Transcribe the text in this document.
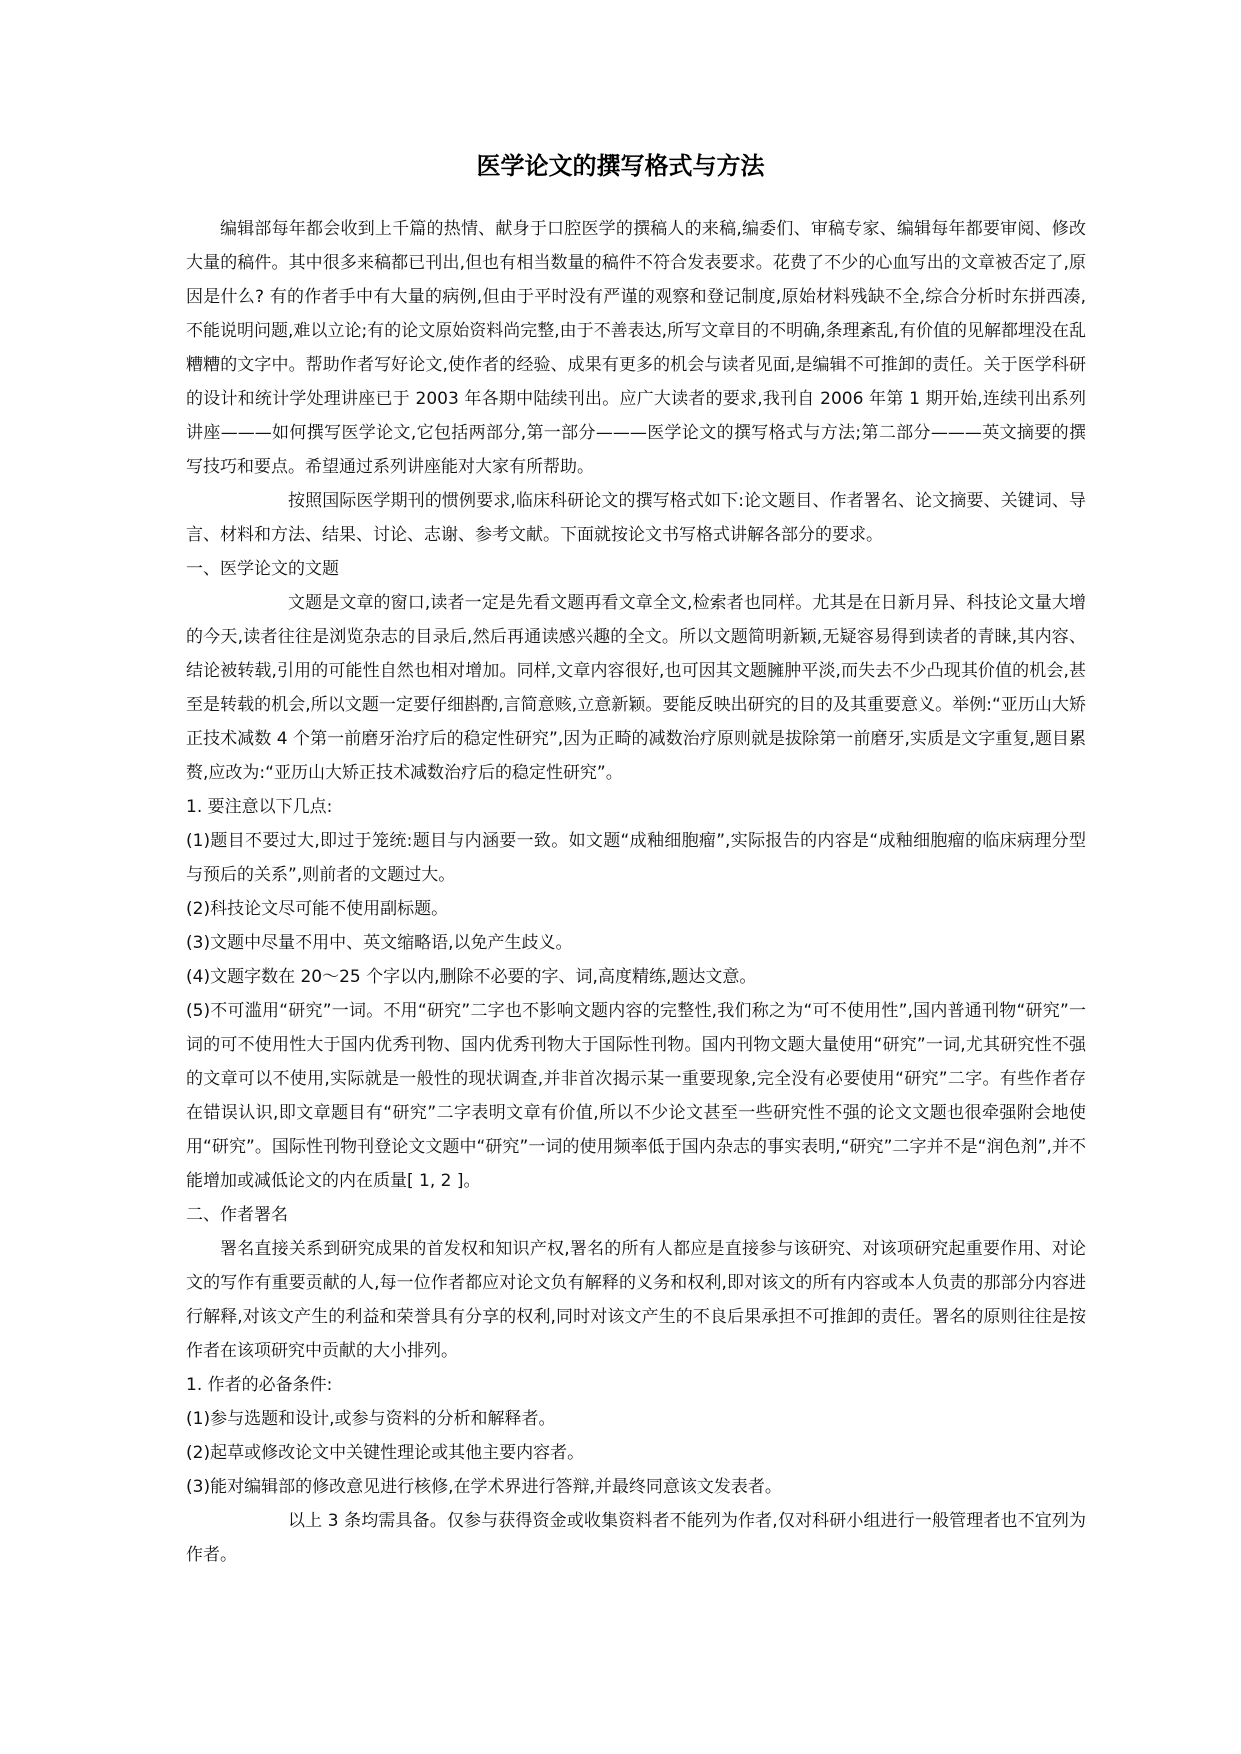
医学论文的撰写格式与方法

编辑部每年都会收到上千篇的热情、献身于口腔医学的撰稿人的来稿,编委们、审稿专家、编辑每年都要审阅、修改大量的稿件。其中很多来稿都已刊出,但也有相当数量的稿件不符合发表要求。花费了不少的心血写出的文章被否定了,原因是什么? 有的作者手中有大量的病例,但由于平时没有严谨的观察和登记制度,原始材料残缺不全,综合分析时东拼西凑,不能说明问题,难以立论;有的论文原始资料尚完整,由于不善表达,所写文章目的不明确,条理紊乱,有价值的见解都埋没在乱糟糟的文字中。帮助作者写好论文,使作者的经验、成果有更多的机会与读者见面,是编辑不可推卸的责任。关于医学科研的设计和统计学处理讲座已于 2003 年各期中陆续刊出。应广大读者的要求,我刊自 2006 年第 1 期开始,连续刊出系列讲座———如何撰写医学论文,它包括两部分,第一部分———医学论文的撰写格式与方法;第二部分———英文摘要的撰写技巧和要点。希望通过系列讲座能对大家有所帮助。

按照国际医学期刊的惯例要求,临床科研论文的撰写格式如下:论文题目、作者署名、论文摘要、关键词、导言、材料和方法、结果、讨论、志谢、参考文献。下面就按论文书写格式讲解各部分的要求。

一、医学论文的文题

文题是文章的窗口,读者一定是先看文题再看文章全文,检索者也同样。尤其是在日新月异、科技论文量大增的今天,读者往往是浏览杂志的目录后,然后再通读感兴趣的全文。所以文题简明新颖,无疑容易得到读者的青睐,其内容、结论被转载,引用的可能性自然也相对增加。同样,文章内容很好,也可因其文题臃肿平淡,而失去不少凸现其价值的机会,甚至是转载的机会,所以文题一定要仔细斟酌,言简意赅,立意新颖。要能反映出研究的目的及其重要意义。举例:“亚历山大矫正技术减数 4 个第一前磨牙治疗后的稳定性研究”,因为正畸的减数治疗原则就是拔除第一前磨牙,实质是文字重复,题目累赘,应改为:“亚历山大矫正技术减数治疗后的稳定性研究”。

1. 要注意以下几点:

(1)题目不要过大,即过于笼统:题目与内涵要一致。如文题“成釉细胞瘤”,实际报告的内容是“成釉细胞瘤的临床病理分型与预后的关系”,则前者的文题过大。

(2)科技论文尽可能不使用副标题。

(3)文题中尽量不用中、英文缩略语,以免产生歧义。

(4)文题字数在 20～25 个字以内,删除不必要的字、词,高度精练,题达文意。

(5)不可滥用“研究”一词。不用“研究”二字也不影响文题内容的完整性,我们称之为“可不使用性”,国内普通刊物“研究”一词的可不使用性大于国内优秀刊物、国内优秀刊物大于国际性刊物。国内刊物文题大量使用“研究”一词,尤其研究性不强的文章可以不使用,实际就是一般性的现状调查,并非首次揭示某一重要现象,完全没有必要使用“研究”二字。有些作者存在错误认识,即文章题目有“研究”二字表明文章有价值,所以不少论文甚至一些研究性不强的论文文题也很牵强附会地使用“研究”。国际性刊物刊登论文文题中“研究”一词的使用频率低于国内杂志的事实表明,“研究”二字并不是“润色剂”,并不能增加或减低论文的内在质量[ 1, 2 ]。

二、作者署名

署名直接关系到研究成果的首发权和知识产权,署名的所有人都应是直接参与该研究、对该项研究起重要作用、对论文的写作有重要贡献的人,每一位作者都应对论文负有解释的义务和权利,即对该文的所有内容或本人负责的那部分内容进行解释,对该文产生的利益和荣誉具有分享的权利,同时对该文产生的不良后果承担不可推卸的责任。署名的原则往往是按作者在该项研究中贡献的大小排列。

1. 作者的必备条件:

(1)参与选题和设计,或参与资料的分析和解释者。

(2)起草或修改论文中关键性理论或其他主要内容者。

(3)能对编辑部的修改意见进行核修,在学术界进行答辩,并最终同意该文发表者。

以上 3 条均需具备。仅参与获得资金或收集资料者不能列为作者,仅对科研小组进行一般管理者也不宜列为作者。
